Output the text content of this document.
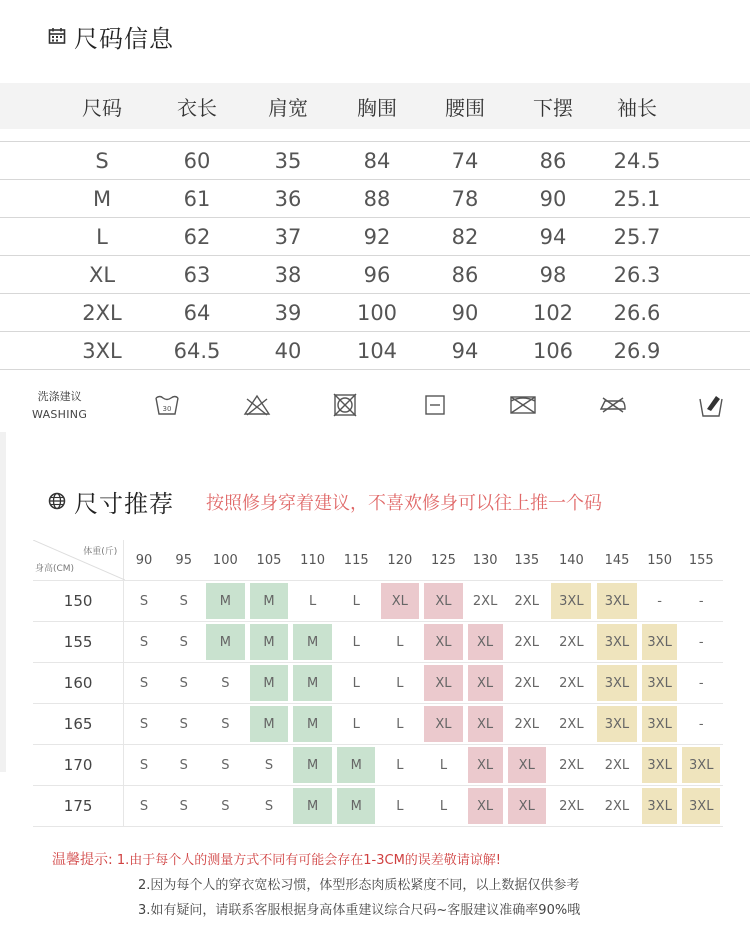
尺码信息
尺码	衣长	肩宽	胸围	腰围	下摆	袖长
S	60	35	84	74	86	24.5
M	61	36	88	78	90	25.1
L	62	37	92	82	94	25.7
XL	63	38	96	86	98	26.3
2XL	64	39	100	90	102	26.6
3XL	64.5	40	104	94	106	26.9
洗涤建议
WASHING	30
尺寸推荐 按照修身穿着建议，不喜欢修身可以往上推一个码
体重(斤)
身高(CM)
90	95	100	105	110	115	120	125	130	135	140	145	150	155
150	S	S	M	M	L	L	XL	XL	2XL	2XL	3XL	3XL	-	-
155	S	S	M	M	M	L	L	XL	XL	2XL	2XL	3XL	3XL	-
160	S	S	S	M	M	L	L	XL	XL	2XL	2XL	3XL	3XL	-
165	S	S	S	M	M	L	L	XL	XL	2XL	2XL	3XL	3XL	-
170	S	S	S	S	M	M	L	L	XL	XL	2XL	2XL	3XL	3XL
175	S	S	S	S	M	M	L	L	XL	XL	2XL	2XL	3XL	3XL
温馨提示: 1.由于每个人的测量方式不同有可能会存在1-3CM的误差敬请谅解!
2.因为每个人的穿衣宽松习惯，体型形态肉质松紧度不同，以上数据仅供参考
3.如有疑问，请联系客服根据身高体重建议综合尺码~客服建议准确率90%哦
